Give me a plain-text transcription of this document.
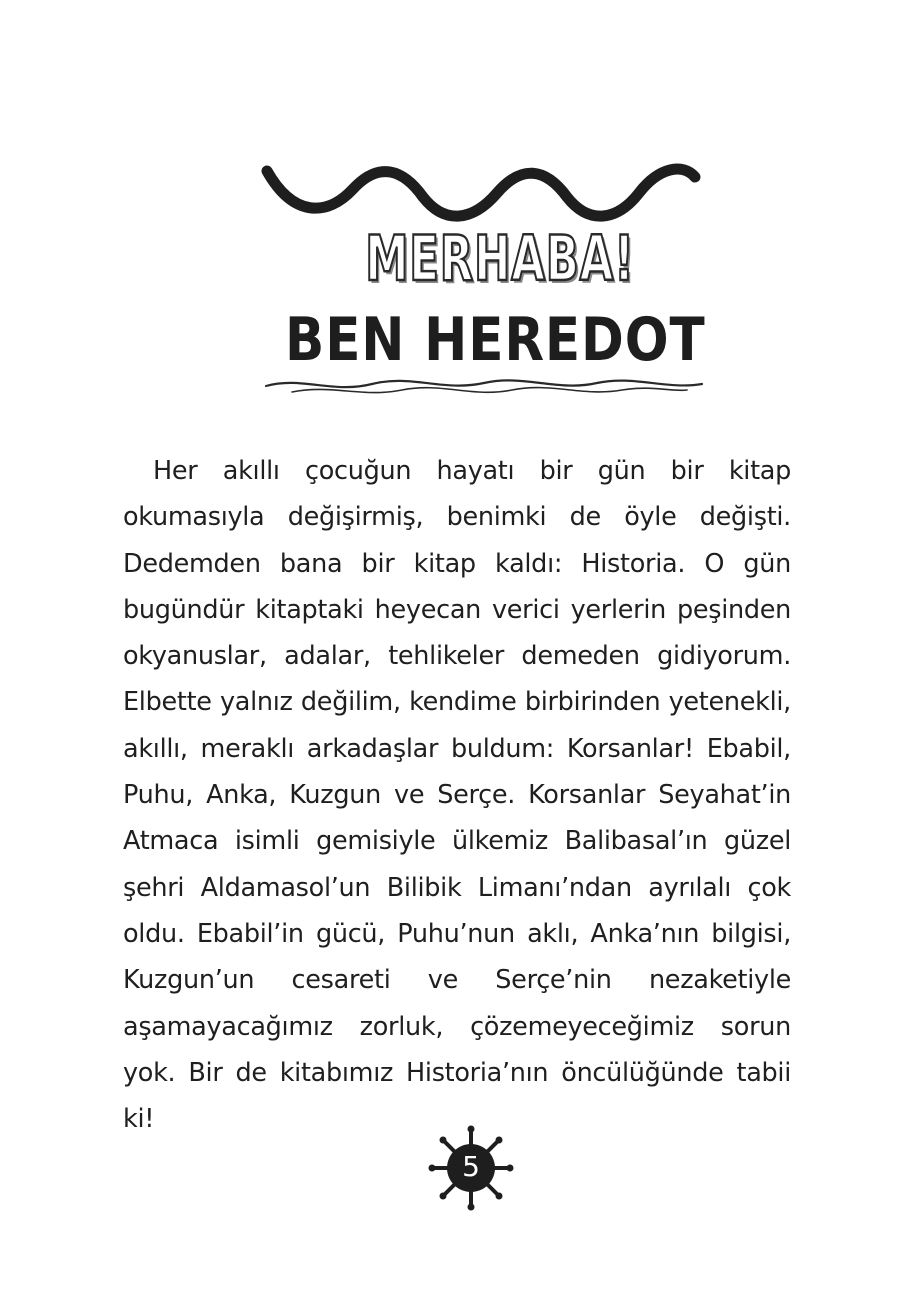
MERHABA!
BEN HEREDOT

Her akıllı çocuğun hayatı bir gün bir kitap okumasıyla değişirmiş, benimki de öyle değişti. Dedemden bana bir kitap kaldı: Historia. O gün bugündür kitaptaki heyecan verici yerlerin peşinden okyanuslar, adalar, tehlikeler demeden gidiyorum. Elbette yalnız değilim, kendime birbirinden yetenekli, akıllı, meraklı arkadaşlar buldum: Korsanlar! Ebabil, Puhu, Anka, Kuzgun ve Serçe. Korsanlar Seyahat’in Atmaca isimli gemisiyle ülkemiz Balibasal’ın güzel şehri Aldamasol’un Bilibik Limanı’ndan ayrılalı çok oldu. Ebabil’in gücü, Puhu’nun aklı, Anka’nın bilgisi, Kuzgun’un cesareti ve Serçe’nin nezaketiyle aşamayacağımız zorluk, çözemeyeceğimiz sorun yok. Bir de kitabımız Historia’nın öncülüğünde tabii ki!

5
